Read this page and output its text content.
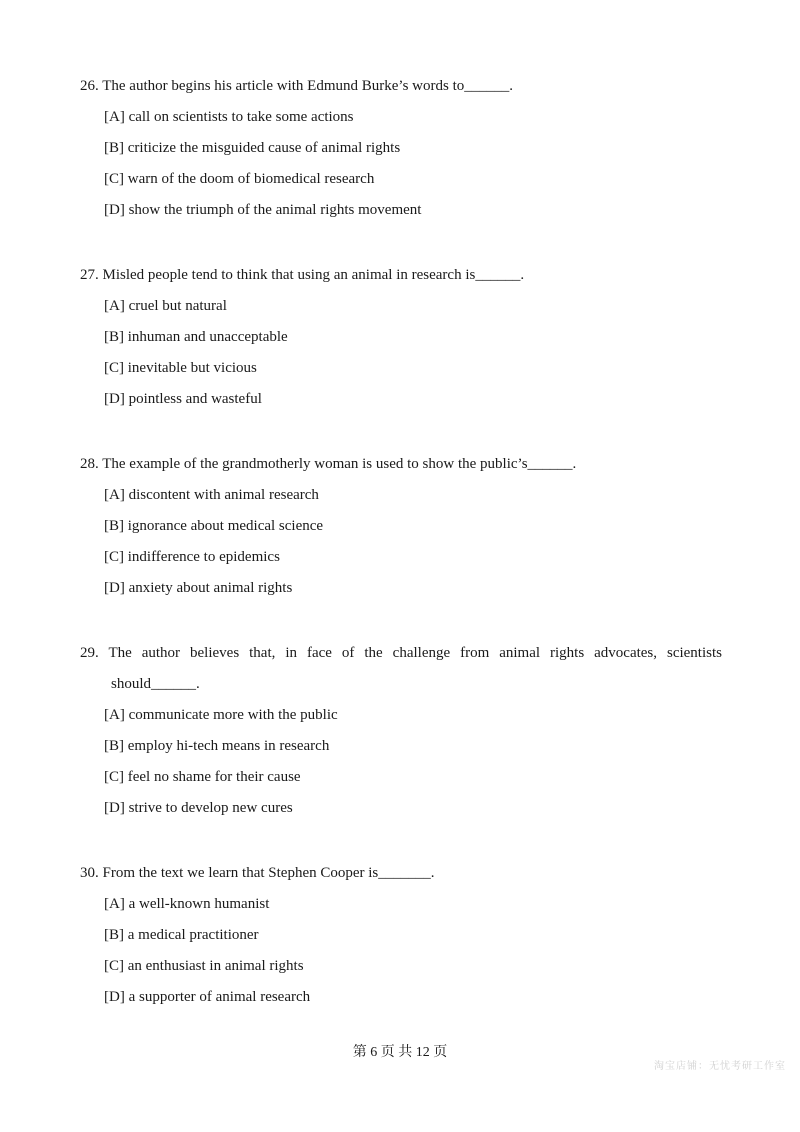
26. The author begins his article with Edmund Burke’s words to______.

[A] call on scientists to take some actions
[B] criticize the misguided cause of animal rights
[C] warn of the doom of biomedical research
[D] show the triumph of the animal rights movement

27. Misled people tend to think that using an animal in research is______.

[A] cruel but natural
[B] inhuman and unacceptable
[C] inevitable but vicious
[D] pointless and wasteful

28. The example of the grandmotherly woman is used to show the public’s______.

[A] discontent with animal research
[B] ignorance about medical science
[C] indifference to epidemics
[D] anxiety about animal rights

29. The author believes that, in face of the challenge from animal rights advocates, scientists

should______.

[A] communicate more with the public
[B] employ hi-tech means in research
[C] feel no shame for their cause
[D] strive to develop new cures

30. From the text we learn that Stephen Cooper is_______.

[A] a well-known humanist
[B] a medical practitioner
[C] an enthusiast in animal rights
[D] a supporter of animal research
第 6 页 共 12 页
淘宝店铺：无忧考研工作室
